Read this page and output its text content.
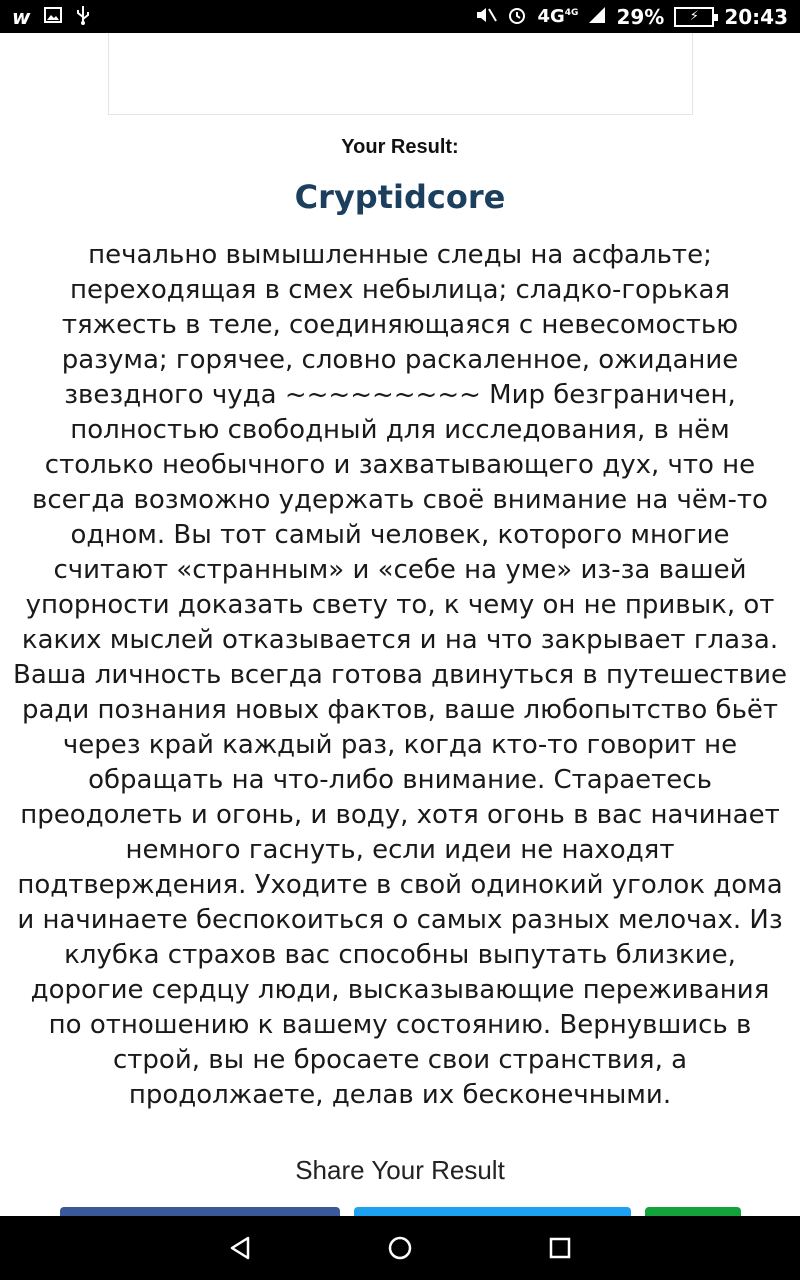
w	$4G^{4G}$ 29%	⚡	20:43
Your Result:
Cryptidcore
печально вымышленные следы на асфальте; переходящая в смех небылица; сладко-горькая тяжесть в теле, соединяющаяся с невесомостью разума; горячее, словно раскаленное, ожидание звездного чуда ~~~~~~~~~ Мир безграничен, полностью свободный для исследования, в нём столько необычного и захватывающего дух, что не всегда возможно удержать своё внимание на чём-то одном. Вы тот самый человек, которого многие считают «странным» и «себе на уме» из-за вашей упорности доказать свету то, к чему он не привык, от каких мыслей отказывается и на что закрывает глаза. Ваша личность всегда готова двинуться в путешествие ради познания новых фактов, ваше любопытство бьёт через край каждый раз, когда кто-то говорит не обращать на что-либо внимание. Стараетесь преодолеть и огонь, и воду, хотя огонь в вас начинает немного гаснуть, если идеи не находят подтверждения. Уходите в свой одинокий уголок дома и начинаете беспокоиться о самых разных мелочах. Из клубка страхов вас способны выпутать близкие, дорогие сердцу люди, высказывающие переживания по отношению к вашему состоянию. Вернувшись в строй, вы не бросаете свои странствия, а продолжаете, делав их бесконечными.
Share Your Result
